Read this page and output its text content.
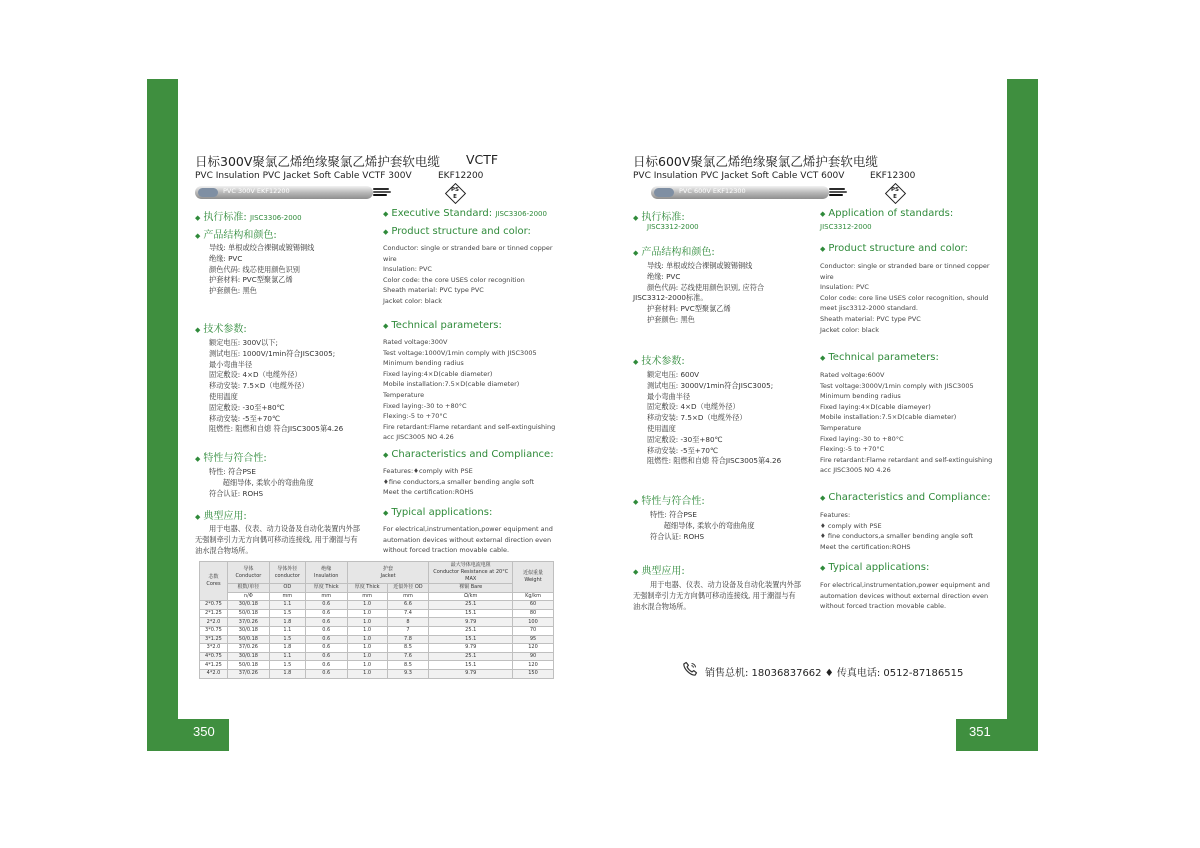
350
日标300V聚氯乙烯绝缘聚氯乙烯护套软电缆 VCTF
PVC Insulation PVC Jacket Soft Cable VCTF 300V	EKF12200
PVC 300V EKF12200	PS
E
◆ 执行标准: JISC3306-2000	◆ Executive Standard: JISC3306-2000
◆ 产品结构和颜色:
导线: 单根或绞合裸铜或镀锡铜线
绝缘: PVC
颜色代码: 线芯使用颜色识别
护套材料: PVC型聚氯乙烯
护套颜色: 黑色
◆ Product structure and color:
Conductor: single or stranded bare or tinned copper
wire
Insulation: PVC
Color code: the core USES color recognition
Sheath material: PVC type PVC
Jacket color: black
◆ 技术参数:
额定电压: 300V以下;
测试电压: 1000V/1min符合JISC3005;
最小弯曲半径
固定敷设: 4×D（电缆外径）
移动安装: 7.5×D（电缆外径）
使用温度
固定敷设: -30至+80℃
移动安装: -5至+70℃
阻燃性: 阻燃和自熄 符合JISC3005第4.26
◆ Technical parameters:
Rated voltage:300V
Test voltage:1000V/1min comply with JISC3005
Minimum bending radius
Fixed laying:4×D(cable diameter)
Mobile installation:7.5×D(cable diameter)
Temperature
Fixed laying:-30 to +80°C
Flexing:-5 to +70°C
Fire retardant:Flame retardant and self-extinguishing
acc JISC3005 NO 4.26
◆ 特性与符合性:
特性: 符合PSE
超细导体, 柔软小的弯曲角度
符合认证: ROHS
◆ Characteristics and Compliance:
Features:♦comply with PSE
♦fine conductors,a smaller bending angle soft
Meet the certification:ROHS
◆ 典型应用:
用于电器、仪表、动力设备及自动化装置内外部
无强制牵引力无方向偶可移动连接线, 用于潮湿与有
油水混合物场所。
◆ Typical applications:
For electrical,instrumentation,power equipment and
automation devices without external direction even
without forced traction movable cable.
芯数
Cores	导体
Conductor	导体外径
conductor	绝缘
Insulation	护套
Jacket		最大导体电流电阻
Conductor Resistance at 20°C MAX	近似重量
Weight
	根数/单径	OD	厚度 Thick	厚度 Thick	近似外径 OD	裸铜 Bare	
	n/Φ	mm	mm	mm	mm	Ω/km	Kg/km
2*0.75	30/0.18	1.1	0.6	1.0	6.6	25.1	60
2*1.25	50/0.18	1.5	0.6	1.0	7.4	15.1	80
2*2.0	37/0.26	1.8	0.6	1.0	8	9.79	100
3*0.75	30/0.18	1.1	0.6	1.0	7	25.1	70
3*1.25	50/0.18	1.5	0.6	1.0	7.8	15.1	95
3*2.0	37/0.26	1.8	0.6	1.0	8.5	9.79	120
4*0.75	30/0.18	1.1	0.6	1.0	7.6	25.1	90
4*1.25	50/0.18	1.5	0.6	1.0	8.5	15.1	120
4*2.0	37/0.26	1.8	0.6	1.0	9.3	9.79	150
351
日标600V聚氯乙烯绝缘聚氯乙烯护套软电缆
PVC Insulation PVC Jacket Soft Cable VCT 600V	EKF12300
PVC 600V EKF12300	PS
E
◆ 执行标准:
JISC3312-2000
◆ Application of standards:
JISC3312-2000
◆ 产品结构和颜色:
导线: 单根或绞合裸铜或镀锡铜线
绝缘: PVC
颜色代码: 芯线使用颜色识别, 应符合
JISC3312-2000标准。
护套材料: PVC型聚氯乙烯
护套颜色: 黑色
◆ Product structure and color:
Conductor: single or stranded bare or tinned copper
wire
Insulation: PVC
Color code: core line USES color recognition, should
meet jisc3312-2000 standard.
Sheath material: PVC type PVC
Jacket color: black
◆ 技术参数:
额定电压: 600V
测试电压: 3000V/1min符合JISC3005;
最小弯曲半径
固定敷设: 4×D（电缆外径）
移动安装: 7.5×D（电缆外径）
使用温度
固定敷设: -30至+80℃
移动安装: -5至+70℃
阻燃性: 阻燃和自熄 符合JISC3005第4.26
◆ Technical parameters:
Rated voltage:600V
Test voltage:3000V/1min comply with JISC3005
Minimum bending radius
Fixed laying:4×D(cable diameyer)
Mobile installation:7.5×D(cable diameter)
Temperature
Fixed laying:-30 to +80°C
Flexing:-5 to +70°C
Fire retardant:Flame retardant and self-extinguishing
acc JISC3005 NO 4.26
◆ 特性与符合性:
特性: 符合PSE
超细导体, 柔软小的弯曲角度
符合认证: ROHS
◆ Characteristics and Compliance:
Features:
♦ comply with PSE
♦ fine conductors,a smaller bending angle soft
Meet the certification:ROHS
◆ 典型应用:
用于电器、仪表、动力设备及自动化装置内外部
无强制牵引力无方向偶可移动连接线, 用于潮湿与有
油水混合物场所。
◆ Typical applications:
For electrical,instrumentation,power equipment and
automation devices without external direction even
without forced traction movable cable.
销售总机: 18036837662 ♦ 传真电话: 0512-87186515
